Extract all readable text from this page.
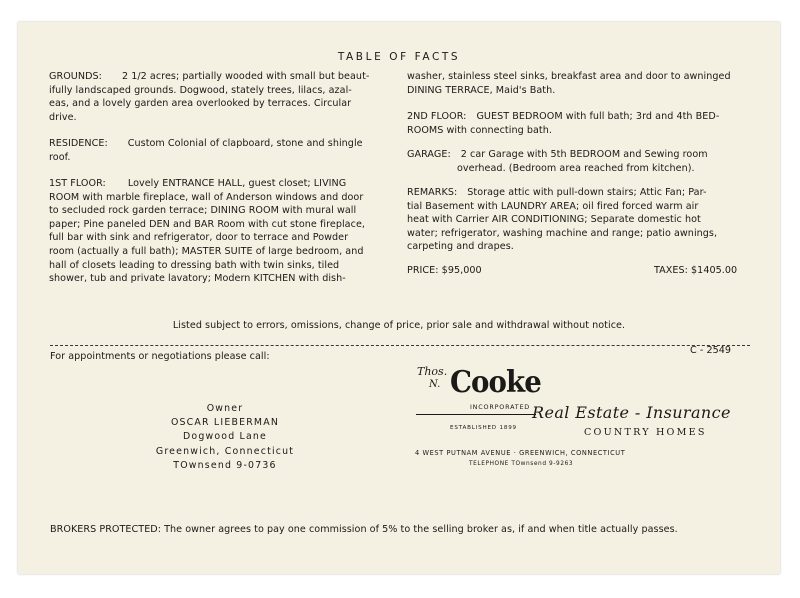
TABLE OF FACTS
GROUNDS: 2 1/2 acres; partially wooded with small but beaut-
ifully landscaped grounds. Dogwood, stately trees, lilacs, azal-
eas, and a lovely garden area overlooked by terraces. Circular
drive.
RESIDENCE: Custom Colonial of clapboard, stone and shingle
roof.
1ST FLOOR: Lovely ENTRANCE HALL, guest closet; LIVING
ROOM with marble fireplace, wall of Anderson windows and door
to secluded rock garden terrace; DINING ROOM with mural wall
paper; Pine paneled DEN and BAR Room with cut stone fireplace,
full bar with sink and refrigerator, door to terrace and Powder
room (actually a full bath); MASTER SUITE of large bedroom, and
hall of closets leading to dressing bath with twin sinks, tiled
shower, tub and private lavatory; Modern KITCHEN with dish-
washer, stainless steel sinks, breakfast area and door to awninged
DINING TERRACE, Maid's Bath.
2ND FLOOR: GUEST BEDROOM with full bath; 3rd and 4th BED-
ROOMS with connecting bath.
GARAGE: 2 car Garage with 5th BEDROOM and Sewing room
overhead. (Bedroom area reached from kitchen).
REMARKS: Storage attic with pull-down stairs; Attic Fan; Par-
tial Basement with LAUNDRY AREA; oil fired forced warm air
heat with Carrier AIR CONDITIONING; Separate domestic hot
water; refrigerator, washing machine and range; patio awnings,
carpeting and drapes.
PRICE: $95,000	TAXES: $1405.00
Listed subject to errors, omissions, change of price, prior sale and withdrawal without notice.
For appointments or negotiations please call:
C - 2549
Owner
OSCAR LIEBERMAN
Dogwood Lane
Greenwich, Connecticut
TOwnsend 9-0736
Thos.
N. Cooke
INCORPORATED
ESTABLISHED 1899
Real Estate - Insurance
COUNTRY HOMES
4 WEST PUTNAM AVENUE · GREENWICH, CONNECTICUT
TELEPHONE TOwnsend 9-9263
BROKERS PROTECTED: The owner agrees to pay one commission of 5% to the selling broker as, if and when title actually passes.
